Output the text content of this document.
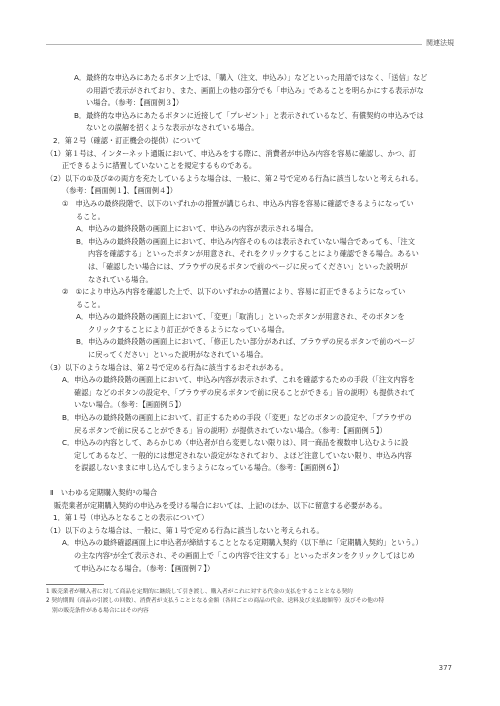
関連法規
A．最終的な申込みにあたるボタン上では、「購入（注文、申込み）」などといった用語ではなく、「送信」など
の用語で表示がされており、また、画面上の他の部分でも「申込み」であることを明らかにする表示がな
い場合。（参考：【画面例３】）
B．最終的な申込みにあたるボタンに近接して「プレゼント」と表示されているなど、有償契約の申込みでは
ないとの誤解を招くような表示がなされている場合。
2．第２号（確認・訂正機会の提供）について
（1）第１号は、インターネット通販において、申込みをする際に、消費者が申込み内容を容易に確認し、かつ、訂
正できるように措置していないことを規定するものである。
（2）以下の①及び②の両方を充たしているような場合は、一般に、第２号で定める行為に該当しないと考えられる。
（参考：【画面例１】、【画面例４】）
①　申込みの最終段階で、以下のいずれかの措置が講じられ、申込み内容を容易に確認できるようになってい
ること。
A．申込みの最終段階の画面上において、申込みの内容が表示される場合。
B．申込みの最終段階の画面上において、申込み内容そのものは表示されていない場合であっても、「注文
内容を確認する」といったボタンが用意され、それをクリックすることにより確認できる場合。あるい
は、「確認したい場合には、ブラウザの戻るボタンで前のページに戻ってください」といった説明が
なされている場合。
②　①により申込み内容を確認した上で、以下のいずれかの措置により、容易に訂正できるようになってい
ること。
A．申込みの最終段階の画面上において、「変更」「取消し」といったボタンが用意され、そのボタンを
クリックすることにより訂正ができるようになっている場合。
B．申込みの最終段階の画面上において、「修正したい部分があれば、ブラウザの戻るボタンで前のページ
に戻ってください」といった説明がなされている場合。
（3）以下のような場合は、第２号で定める行為に該当するおそれがある。
A．申込みの最終段階の画面上において、申込み内容が表示されず、これを確認するための手段（「注文内容を
確認」などのボタンの設定や、「ブラウザの戻るボタンで前に戻ることができる」旨の説明）も提供されて
いない場合。（参考：【画面例５】）
B．申込みの最終段階の画面上において、訂正するための手段（「変更」などのボタンの設定や、「ブラウザの
戻るボタンで前に戻ることができる」旨の説明）が提供されていない場合。（参考：【画面例５】）
C．申込みの内容として、あらかじめ（申込者が自ら変更しない限りは）、同一商品を複数申し込むように設
定してあるなど、一般的には想定されない設定がなされており、よほど注意していない限り、申込み内容
を誤認しないままに申し込んでしまうようになっている場合。（参考：【画面例６】）
Ⅱ　いわゆる定期購入契約¹の場合
販売業者が定期購入契約の申込みを受ける場合においては、上記Ⅰのほか、以下に留意する必要がある。
1．第１号（申込みとなることの表示について）
（1）以下のような場合は、一般に、第１号で定める行為に該当しないと考えられる。
A．申込みの最終確認画面上に申込者が締結することとなる定期購入契約（以下単に「定期購入契約」という。）
の主な内容²が全て表示され、その画面上で「この内容で注文する」といったボタンをクリックしてはじめ
て申込みになる場合。（参考：【画面例７】）
1 販売業者が購入者に対して商品を定期的に継続して引き渡し、購入者がこれに対する代金の支払をすることとなる契約
2 契約期間（商品の引渡しの回数）、消費者が支払うこととなる金額（各回ごとの商品の代金、送料及び支払総額等）及びその他の特
別の販売条件がある場合にはその内容
377
